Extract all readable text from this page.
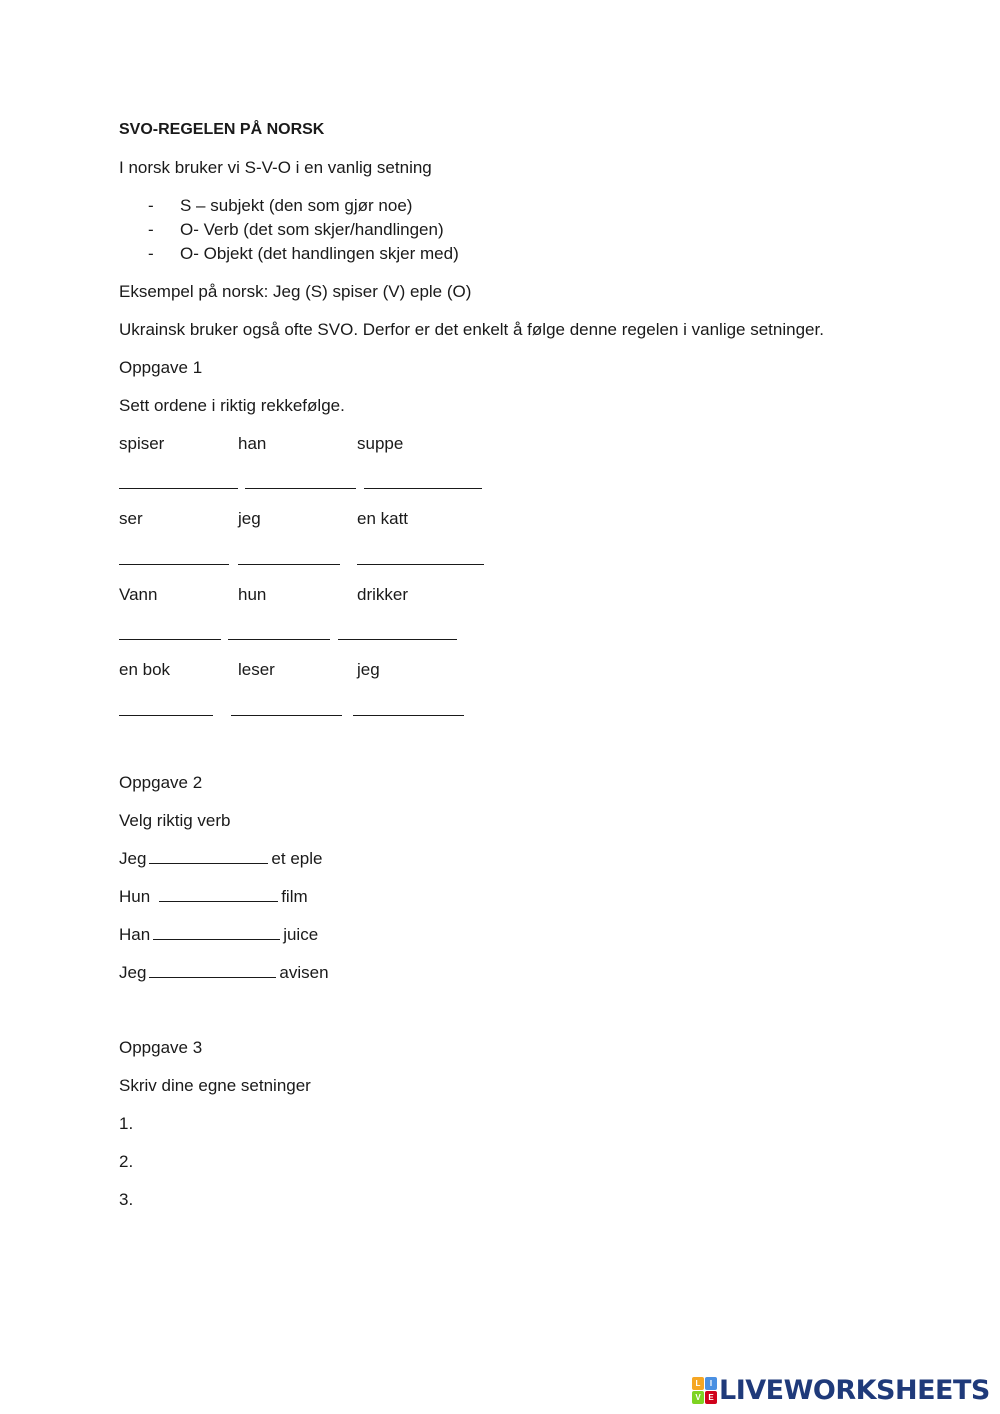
SVO-REGELEN PÅ NORSK
I norsk bruker vi S-V-O i en vanlig setning
- S – subjekt (den som gjør noe)
- O- Verb (det som skjer/handlingen)
- O- Objekt (det handlingen skjer med)
Eksempel på norsk: Jeg (S) spiser (V) eple (O)
Ukrainsk bruker også ofte SVO. Derfor er det enkelt å følge denne regelen i vanlige setninger.
Oppgave 1
Sett ordene i riktig rekkefølge.
spiser	han	suppe
ser	jeg	en katt
Vann	hun	drikker
en bok	leser	jeg
Oppgave 2
Velg riktig verb
Jeg	et eple
Hun	film
Han	juice
Jeg	avisen
Oppgave 3
Skriv dine egne setninger
1.
2.
3.
L	I
V E LIVEWORKSHEETS
